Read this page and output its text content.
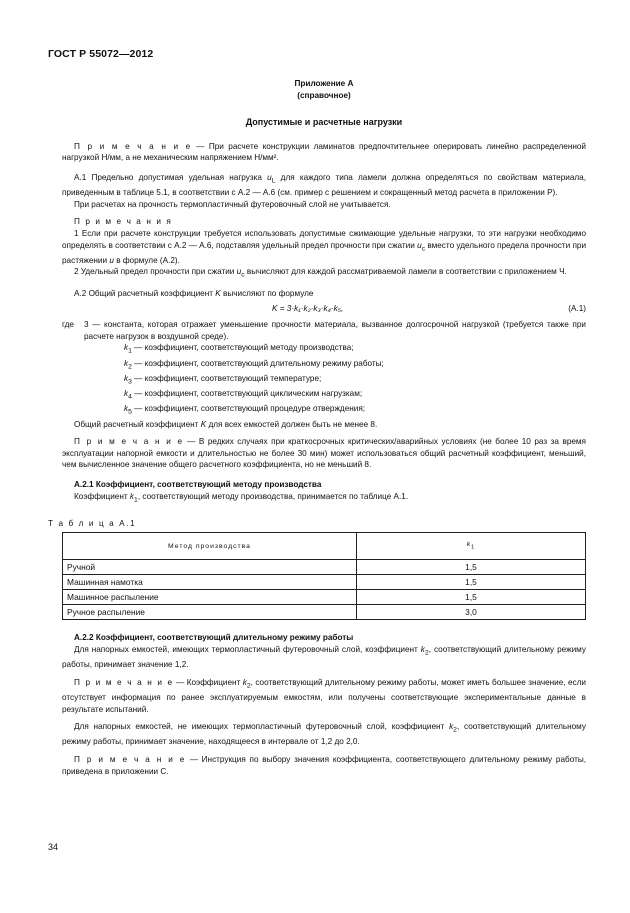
ГОСТ Р 55072—2012
Приложение А
(справочное)
Допустимые и расчетные нагрузки

П р и м е ч а н и е — При расчете конструкции ламинатов предпочтительнее оперировать линейно распределенной нагрузкой Н/мм, а не механическим напряжением Н/мм².

А.1 Предельно допустимая удельная нагрузка $u_L$ для каждого типа ламели должна определяться по свойствам материала, приведенным в таблице 5.1, в соответствии с А.2 — А.6 (см. пример с решением и сокращенный метод расчета в приложении Р).

При расчетах на прочность термопластичный футеровочный слой не учитывается.

П р и м е ч а н и я

1 Если при расчете конструкции требуется использовать допустимые сжимающие удельные нагрузки, то эти нагрузки необходимо определять в соответствии с А.2 — А.6, подставляя удельный предел прочности при сжатии $u_c$ вместо удельного предела прочности при растяжении u в формуле (А.2).

2 Удельный предел прочности при сжатии $u_c$ вычисляют для каждой рассматриваемой ламели в соответствии с приложением Ч.

А.2 Общий расчетный коэффициент K вычисляют по формуле

K = 3·k₁·k₂·k₃·k₄·k₅,	(А.1)
где	3 — константа, которая отражает уменьшение прочности материала, вызванное долгосрочной нагрузкой (требуется также при расчете нагрузок в воздушной среде).
$k_1$ — коэффициент, соответствующий методу производства;
$k_2$ — коэффициент, соответствующий длительному режиму работы;
$k_3$ — коэффициент, соответствующий температуре;
$k_4$ — коэффициент, соответствующий циклическим нагрузкам;
$k_5$ — коэффициент, соответствующий процедуре отверждения;

Общий расчетный коэффициент K для всех емкостей должен быть не менее 8.

П р и м е ч а н и е — В редких случаях при краткосрочных критических/аварийных условиях (не более 10 раз за время эксплуатации напорной емкости и длительностью не более 30 мин) может использоваться общий расчетный коэффициент, меньший, чем вычисленное значение общего расчетного коэффициента, но не меньший 8.

А.2.1 Коэффициент, соответствующий методу производства

Коэффициент $k_1$, соответствующий методу производства, принимается по таблице А.1.

Т а б л и ц а А.1
Метод производства	$k_1$
Ручной	1,5
Машинная намотка	1,5
Машинное распыление	1,5
Ручное распыление	3,0

А.2.2 Коэффициент, соответствующий длительному режиму работы

Для напорных емкостей, имеющих термопластичный футеровочный слой, коэффициент $k_2$, соответствующий длительному режиму работы, принимает значение 1,2.

П р и м е ч а н и е — Коэффициент $k_2$, соответствующий длительному режиму работы, может иметь большее значение, если отсутствует информация по ранее эксплуатируемым емкостям, или получены соответствующие экспериментальные данные в результате испытаний.

Для напорных емкостей, не имеющих термопластичный футеровочный слой, коэффициент $k_2$, соответствующий длительному режиму работы, принимает значение, находящееся в интервале от 1,2 до 2,0.

П р и м е ч а н и е — Инструкция по выбору значения коэффициента, соответствующего длительному режиму работы, приведена в приложении С.

34
